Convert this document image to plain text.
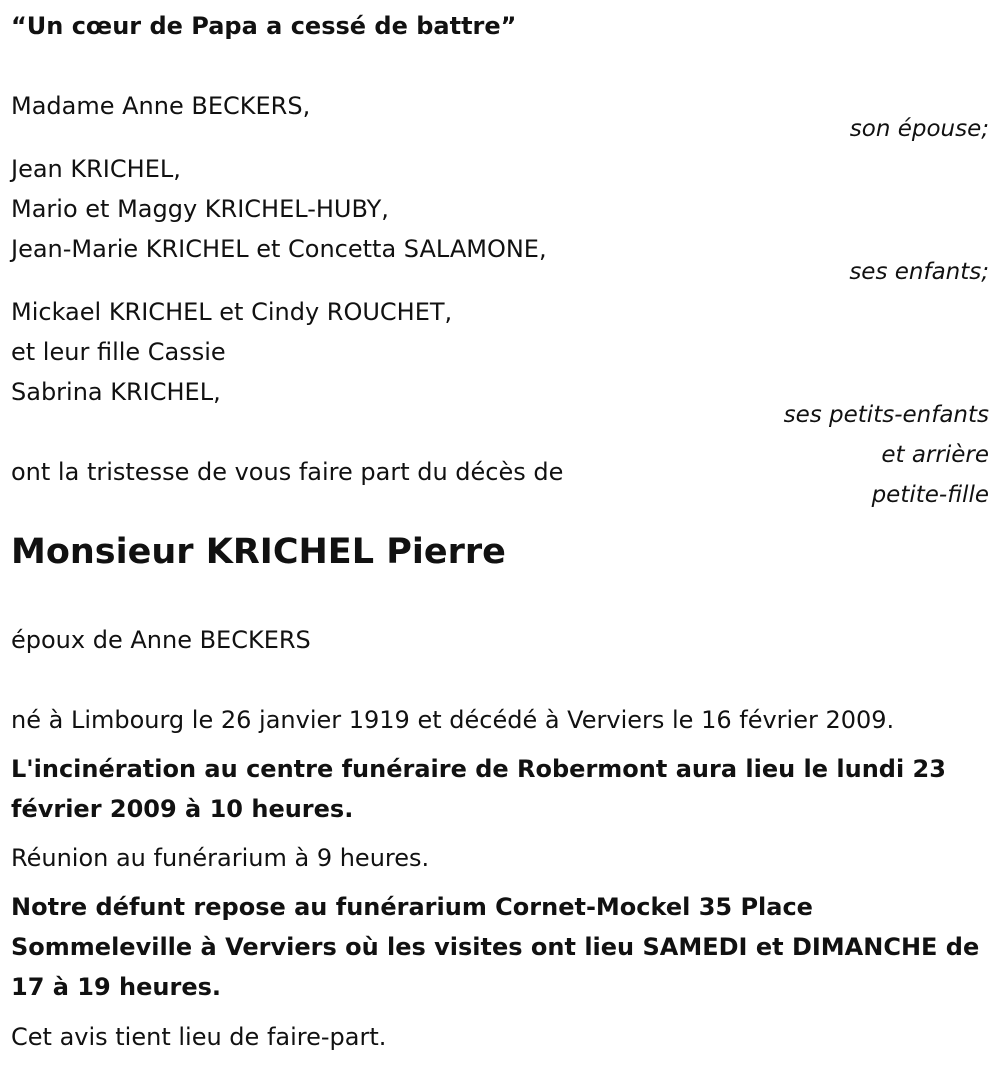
“Un cœur de Papa a cessé de battre”

Madame Anne BECKERS,

son épouse;

Jean KRICHEL,

Mario et Maggy KRICHEL-HUBY,

Jean-Marie KRICHEL et Concetta SALAMONE,

ses enfants;

Mickael KRICHEL et Cindy ROUCHET,

et leur fille Cassie

Sabrina KRICHEL,

ses petits-enfants

et arrière

petite-fille

ont la tristesse de vous faire part du décès de

Monsieur KRICHEL Pierre

époux de Anne BECKERS

né à Limbourg le 26 janvier 1919 et décédé à Verviers le 16 février 2009.

L'incinération au centre funéraire de Robermont aura lieu le lundi 23 février 2009 à 10 heures.

Réunion au funérarium à 9 heures.

Notre défunt repose au funérarium Cornet-Mockel 35 Place Sommeleville à Verviers où les visites ont lieu SAMEDI et DIMANCHE de 17 à 19 heures.

Cet avis tient lieu de faire-part.
